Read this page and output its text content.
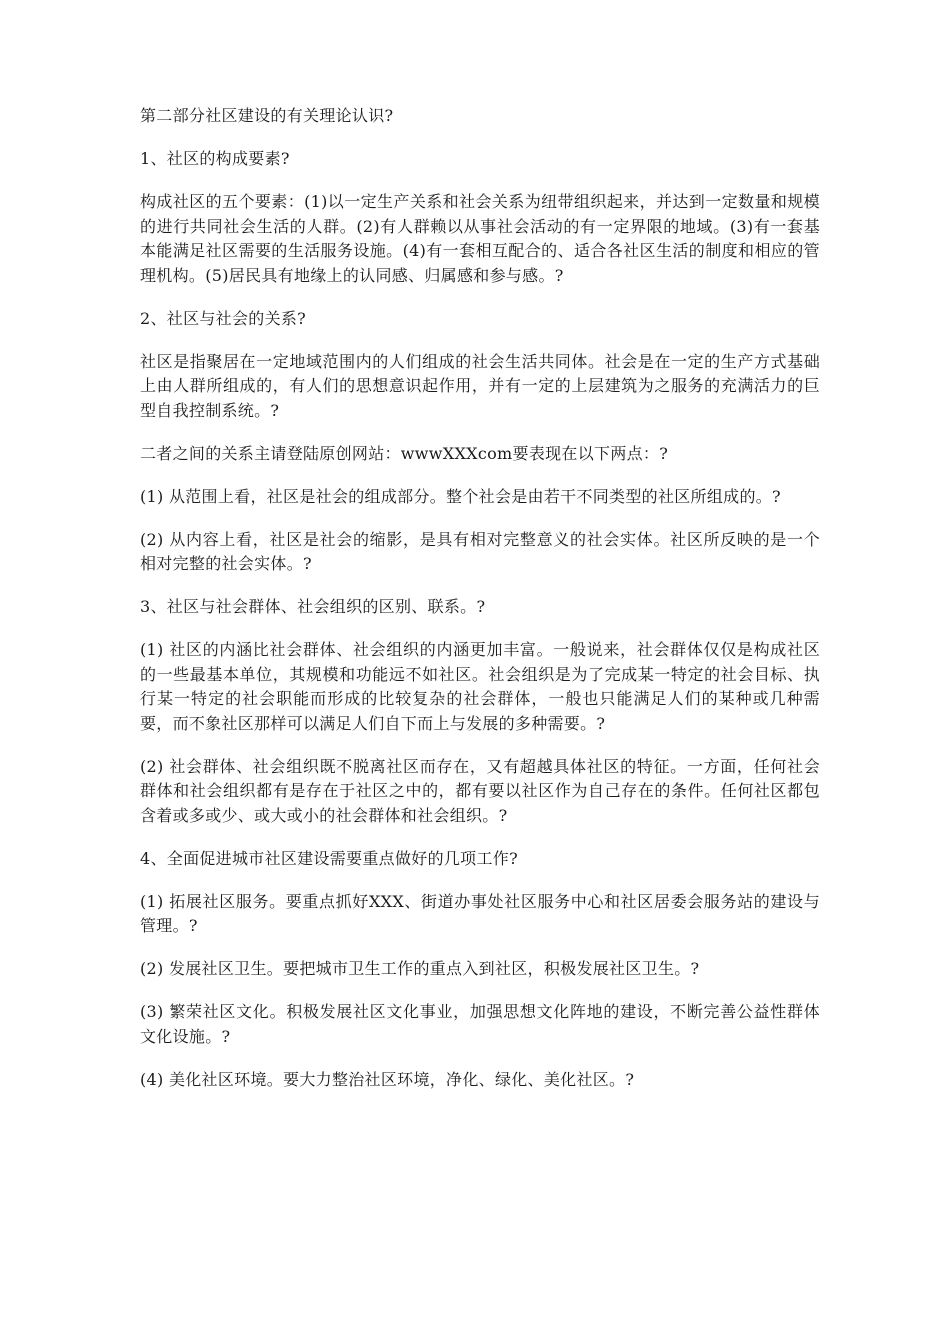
第二部分社区建设的有关理论认识?

1、社区的构成要素?

构成社区的五个要素：(1)以一定生产关系和社会关系为纽带组织起来，并达到一定数量和规模的进行共同社会生活的人群。(2)有人群赖以从事社会活动的有一定界限的地域。(3)有一套基本能满足社区需要的生活服务设施。(4)有一套相互配合的、适合各社区生活的制度和相应的管理机构。(5)居民具有地缘上的认同感、归属感和参与感。?

2、社区与社会的关系?

社区是指聚居在一定地域范围内的人们组成的社会生活共同体。社会是在一定的生产方式基础上由人群所组成的，有人们的思想意识起作用，并有一定的上层建筑为之服务的充满活力的巨型自我控制系统。?

二者之间的关系主请登陆原创网站：wwwXXXcom要表现在以下两点：?

(1) 从范围上看，社区是社会的组成部分。整个社会是由若干不同类型的社区所组成的。?

(2) 从内容上看，社区是社会的缩影，是具有相对完整意义的社会实体。社区所反映的是一个相对完整的社会实体。?

3、社区与社会群体、社会组织的区别、联系。?

(1) 社区的内涵比社会群体、社会组织的内涵更加丰富。一般说来，社会群体仅仅是构成社区的一些最基本单位，其规模和功能远不如社区。社会组织是为了完成某一特定的社会目标、执行某一特定的社会职能而形成的比较复杂的社会群体，一般也只能满足人们的某种或几种需要，而不象社区那样可以满足人们自下而上与发展的多种需要。?

(2) 社会群体、社会组织既不脱离社区而存在，又有超越具体社区的特征。一方面，任何社会群体和社会组织都有是存在于社区之中的，都有要以社区作为自己存在的条件。任何社区都包含着或多或少、或大或小的社会群体和社会组织。?

4、全面促进城市社区建设需要重点做好的几项工作?

(1) 拓展社区服务。要重点抓好XXX、街道办事处社区服务中心和社区居委会服务站的建设与管理。?

(2) 发展社区卫生。要把城市卫生工作的重点入到社区，积极发展社区卫生。?

(3) 繁荣社区文化。积极发展社区文化事业，加强思想文化阵地的建设，不断完善公益性群体文化设施。?

(4) 美化社区环境。要大力整治社区环境，净化、绿化、美化社区。?
